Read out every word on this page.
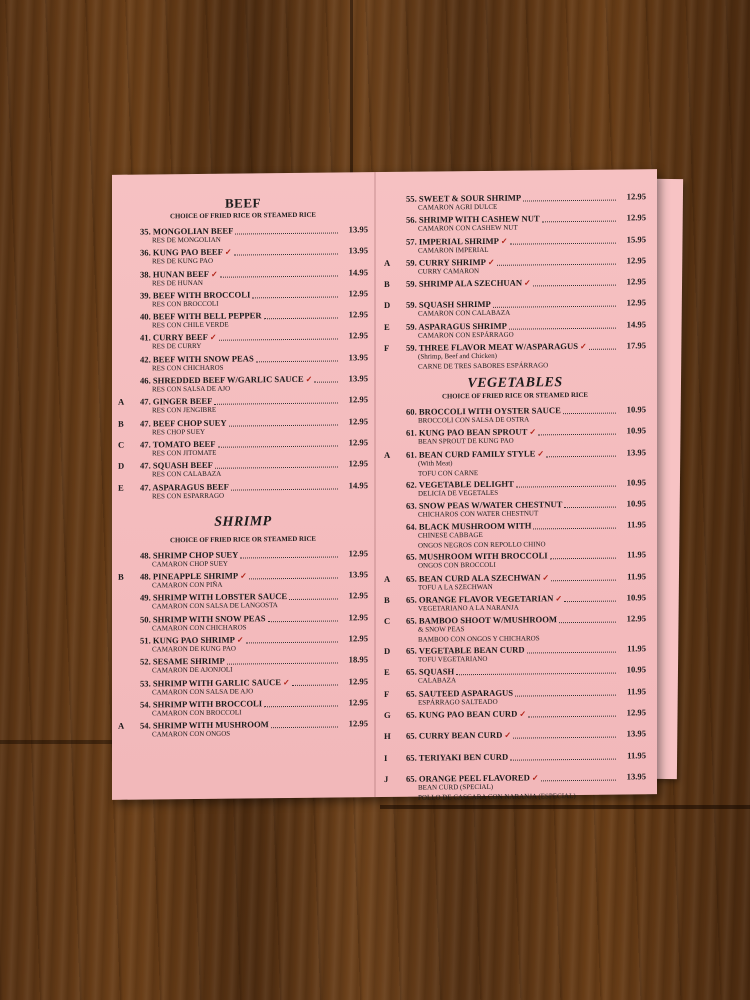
BEEF
CHOICE OF FRIED RICE OR STEAMED RICE
35. MONGOLIAN BEEF	13.95
RES DE MONGOLIAN
36. KUNG PAO BEEF ✓	13.95
RES DE KUNG PAO
38. HUNAN BEEF ✓	14.95
RES DE HUNAN
39. BEEF WITH BROCCOLI	12.95
RES CON BROCCOLI
40. BEEF WITH BELL PEPPER	12.95
RES CON CHILE VERDE
41. CURRY BEEF ✓	12.95
RES DE CURRY
42. BEEF WITH SNOW PEAS	13.95
RES CON CHICHAROS
46. SHREDDED BEEF W/GARLIC SAUCE ✓	13.95
RES CON SALSA DE AJO
A	47. GINGER BEEF	12.95
RES CON JENGIBRE
B	47. BEEF CHOP SUEY	12.95
RES CHOP SUEY
C	47. TOMATO BEEF	12.95
RES CON JITOMATE
D	47. SQUASH BEEF	12.95
RES CON CALABAZA
E	47. ASPARAGUS BEEF	14.95
RES CON ESPARRAGO
SHRIMP
CHOICE OF FRIED RICE OR STEAMED RICE
48. SHRIMP CHOP SUEY	12.95
CAMARON CHOP SUEY
B	48. PINEAPPLE SHRIMP ✓	13.95
CAMARON CON PIÑA
49. SHRIMP WITH LOBSTER SAUCE	12.95
CAMARON CON SALSA DE LANGOSTA
50. SHRIMP WITH SNOW PEAS	12.95
CAMARON CON CHICHAROS
51. KUNG PAO SHRIMP ✓	12.95
CAMARON DE KUNG PAO
52. SESAME SHRIMP	18.95
CAMARON DE AJONJOLI
53. SHRIMP WITH GARLIC SAUCE ✓	12.95
CAMARON CON SALSA DE AJO
54. SHRIMP WITH BROCCOLI	12.95
CAMARON CON BROCCOLI
A	54. SHRIMP WITH MUSHROOM	12.95
CAMARON CON ONGOS
55. SWEET & SOUR SHRIMP	12.95
CAMARON AGRI DULCE
56. SHRIMP WITH CASHEW NUT	12.95
CAMARON CON CASHEW NUT
57. IMPERIAL SHRIMP ✓	15.95
CAMARON IMPERIAL
A	59. CURRY SHRIMP ✓	12.95
CURRY CAMARON
B	59. SHRIMP ALA SZECHUAN ✓	12.95
D	59. SQUASH SHRIMP	12.95
CAMARON CON CALABAZA
E	59. ASPARAGUS SHRIMP	14.95
CAMARON CON ESPÁRRAGO
F	59. THREE FLAVOR MEAT W/ASPARAGUS ✓	17.95
(Shrimp, Beef and Chicken)
CARNE DE TRES SABORES ESPÁRRAGO
VEGETABLES
CHOICE OF FRIED RICE OR STEAMED RICE
60. BROCCOLI WITH OYSTER SAUCE	10.95
BROCCOLI CON SALSA DE OSTRA
61. KUNG PAO BEAN SPROUT ✓	10.95
BEAN SPROUT DE KUNG PAO
A	61. BEAN CURD FAMILY STYLE ✓	13.95
(With Meat)
TOFU CON CARNE
62. VEGETABLE DELIGHT	10.95
DELICIA DE VEGETALES
63. SNOW PEAS W/WATER CHESTNUT	10.95
CHICHAROS CON WATER CHESTNUT
64. BLACK MUSHROOM WITH	11.95
CHINESE CABBAGE
ONGOS NEGROS CON REPOLLO CHINO
65. MUSHROOM WITH BROCCOLI	11.95
ONGOS CON BROCCOLI
A	65. BEAN CURD ALA SZECHWAN ✓	11.95
TOFU A LA SZECHWAN
B	65. ORANGE FLAVOR VEGETARIAN ✓	10.95
VEGETARIANO A LA NARANJA
C	65. BAMBOO SHOOT W/MUSHROOM	12.95
& SNOW PEAS
BAMBOO CON ONGOS Y CHICHAROS
D	65. VEGETABLE BEAN CURD	11.95
TOFU VEGETARIANO
E	65. SQUASH	10.95
CALABAZA
F	65. SAUTEED ASPARAGUS	11.95
ESPÁRRAGO SALTEADO
G	65. KUNG PAO BEAN CURD ✓	12.95
H	65. CURRY BEAN CURD ✓	13.95
I	65. TERIYAKI BEN CURD	11.95
J	65. ORANGE PEEL FLAVORED ✓	13.95
BEAN CURD (SPECIAL)
POLLO DE CASCARA CON NARANJA (ESPECIAL)
